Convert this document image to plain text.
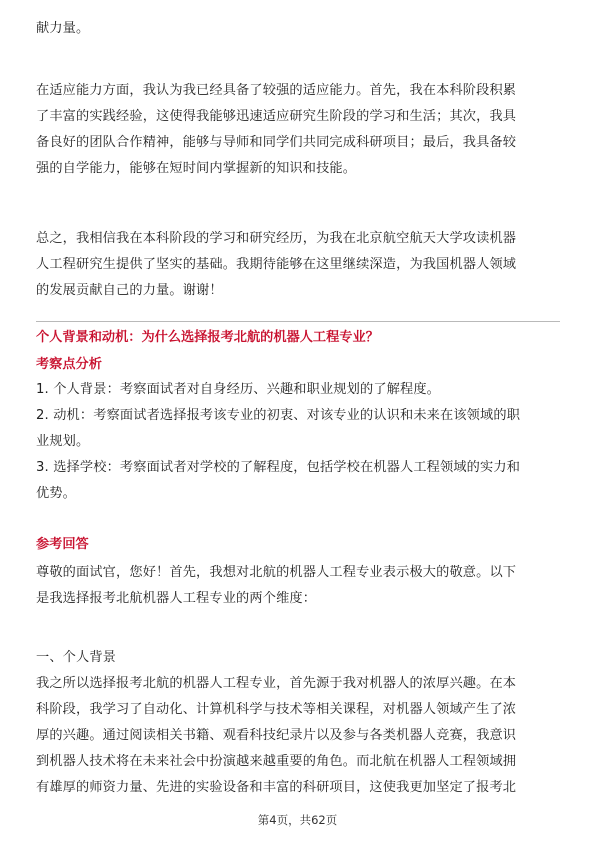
献力量。

在适应能力方面，我认为我已经具备了较强的适应能力。首先，我在本科阶段积累
了丰富的实践经验，这使得我能够迅速适应研究生阶段的学习和生活；其次，我具
备良好的团队合作精神，能够与导师和同学们共同完成科研项目；最后，我具备较
强的自学能力，能够在短时间内掌握新的知识和技能。

总之，我相信我在本科阶段的学习和研究经历，为我在北京航空航天大学攻读机器
人工程研究生提供了坚实的基础。我期待能够在这里继续深造，为我国机器人领域
的发展贡献自己的力量。谢谢！

个人背景和动机：为什么选择报考北航的机器人工程专业？
考察点分析

1. 个人背景：考察面试者对自身经历、兴趣和职业规划的了解程度。
2. 动机：考察面试者选择报考该专业的初衷、对该专业的认识和未来在该领域的职
业规划。
3. 选择学校：考察面试者对学校的了解程度，包括学校在机器人工程领域的实力和
优势。

参考回答

尊敬的面试官，您好！首先，我想对北航的机器人工程专业表示极大的敬意。以下
是我选择报考北航机器人工程专业的两个维度：

一、个人背景

我之所以选择报考北航的机器人工程专业，首先源于我对机器人的浓厚兴趣。在本
科阶段，我学习了自动化、计算机科学与技术等相关课程，对机器人领域产生了浓
厚的兴趣。通过阅读相关书籍、观看科技纪录片以及参与各类机器人竞赛，我意识
到机器人技术将在未来社会中扮演越来越重要的角色。而北航在机器人工程领域拥
有雄厚的师资力量、先进的实验设备和丰富的科研项目，这使我更加坚定了报考北

第4页，共62页
